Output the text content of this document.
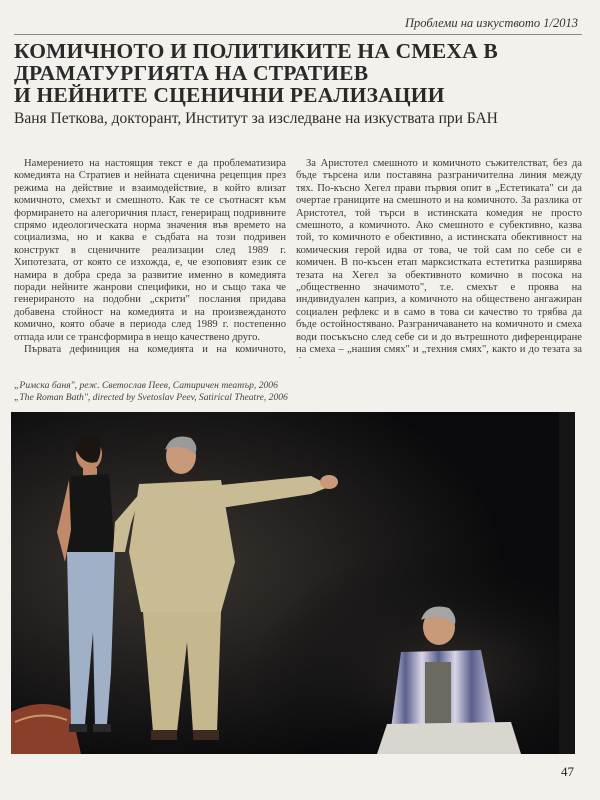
Проблеми на изкуството 1/2013
КОМИЧНОТО И ПОЛИТИКИТЕ НА СМЕХА В
ДРАМАТУРГИЯТА НА СТРАТИЕВ
И НЕЙНИТЕ СЦЕНИЧНИ РЕАЛИЗАЦИИ
Ваня Петкова, докторант, Институт за изследване на изкуствата при БАН

Намерението на настоящия текст е да проблематизира комедията на Стратиев и нейната сценична рецепция през режима на действие и взаимодействие, в който влизат комичното, смехът и смешното. Как те се съотнасят към формирането на алегоричния пласт, генериращ подривните спрямо идеологическата норма значения във времето на социализма, но и каква е съдбата на този подривен конструкт в сценичните реализации след 1989 г. Хипотезата, от която се изхожда, е, че езоповият език се намира в добра среда за развитие именно в комедията поради нейните жанрови специфики, но и също така че генерираното на подобни „скрити" послания придава добавена стойност на комедията и на произвежданото комично, която обаче в периода след 1989 г. постепенно отпада или се трансформира в нещо качествено друго.

Първата дефиниция на комедията и на комичното,

За Аристотел смешното и комичното съжителстват, без да бъде търсена или поставяна разграничителна линия между тях. По-късно Хегел прави първия опит в „Естетиката" си да очертае границите на смешното и на комичното. За разлика от Аристотел, той търси в истинската комедия не просто смешното, а комичното. Ако смешното е субективно, казва той, то комичното е обективно, а истинската обективност на комическия герой идва от това, че той сам по себе си е комичен. В по-късен етап марксистката естетитка разширява тезата на Хегел за обективното комично в посока на „общественно значимото", т.е. смехът е проява на индивидуален каприз, а комичното на обществено ангажиран социален рефлекс и в само в това си качество то трябва да бъде остойностявано. Разграничаването на комичното и смеха води посъкъсно след себе си и до вътрешното диференциране на смеха – „нашия смях" и „техния смях", както и до тезата за

„Римска баня", реж. Светослав Пеев, Сатиричен театър, 2006
„The Roman Bath", directed by Svetoslav Peev, Satirical Theatre, 2006
47
